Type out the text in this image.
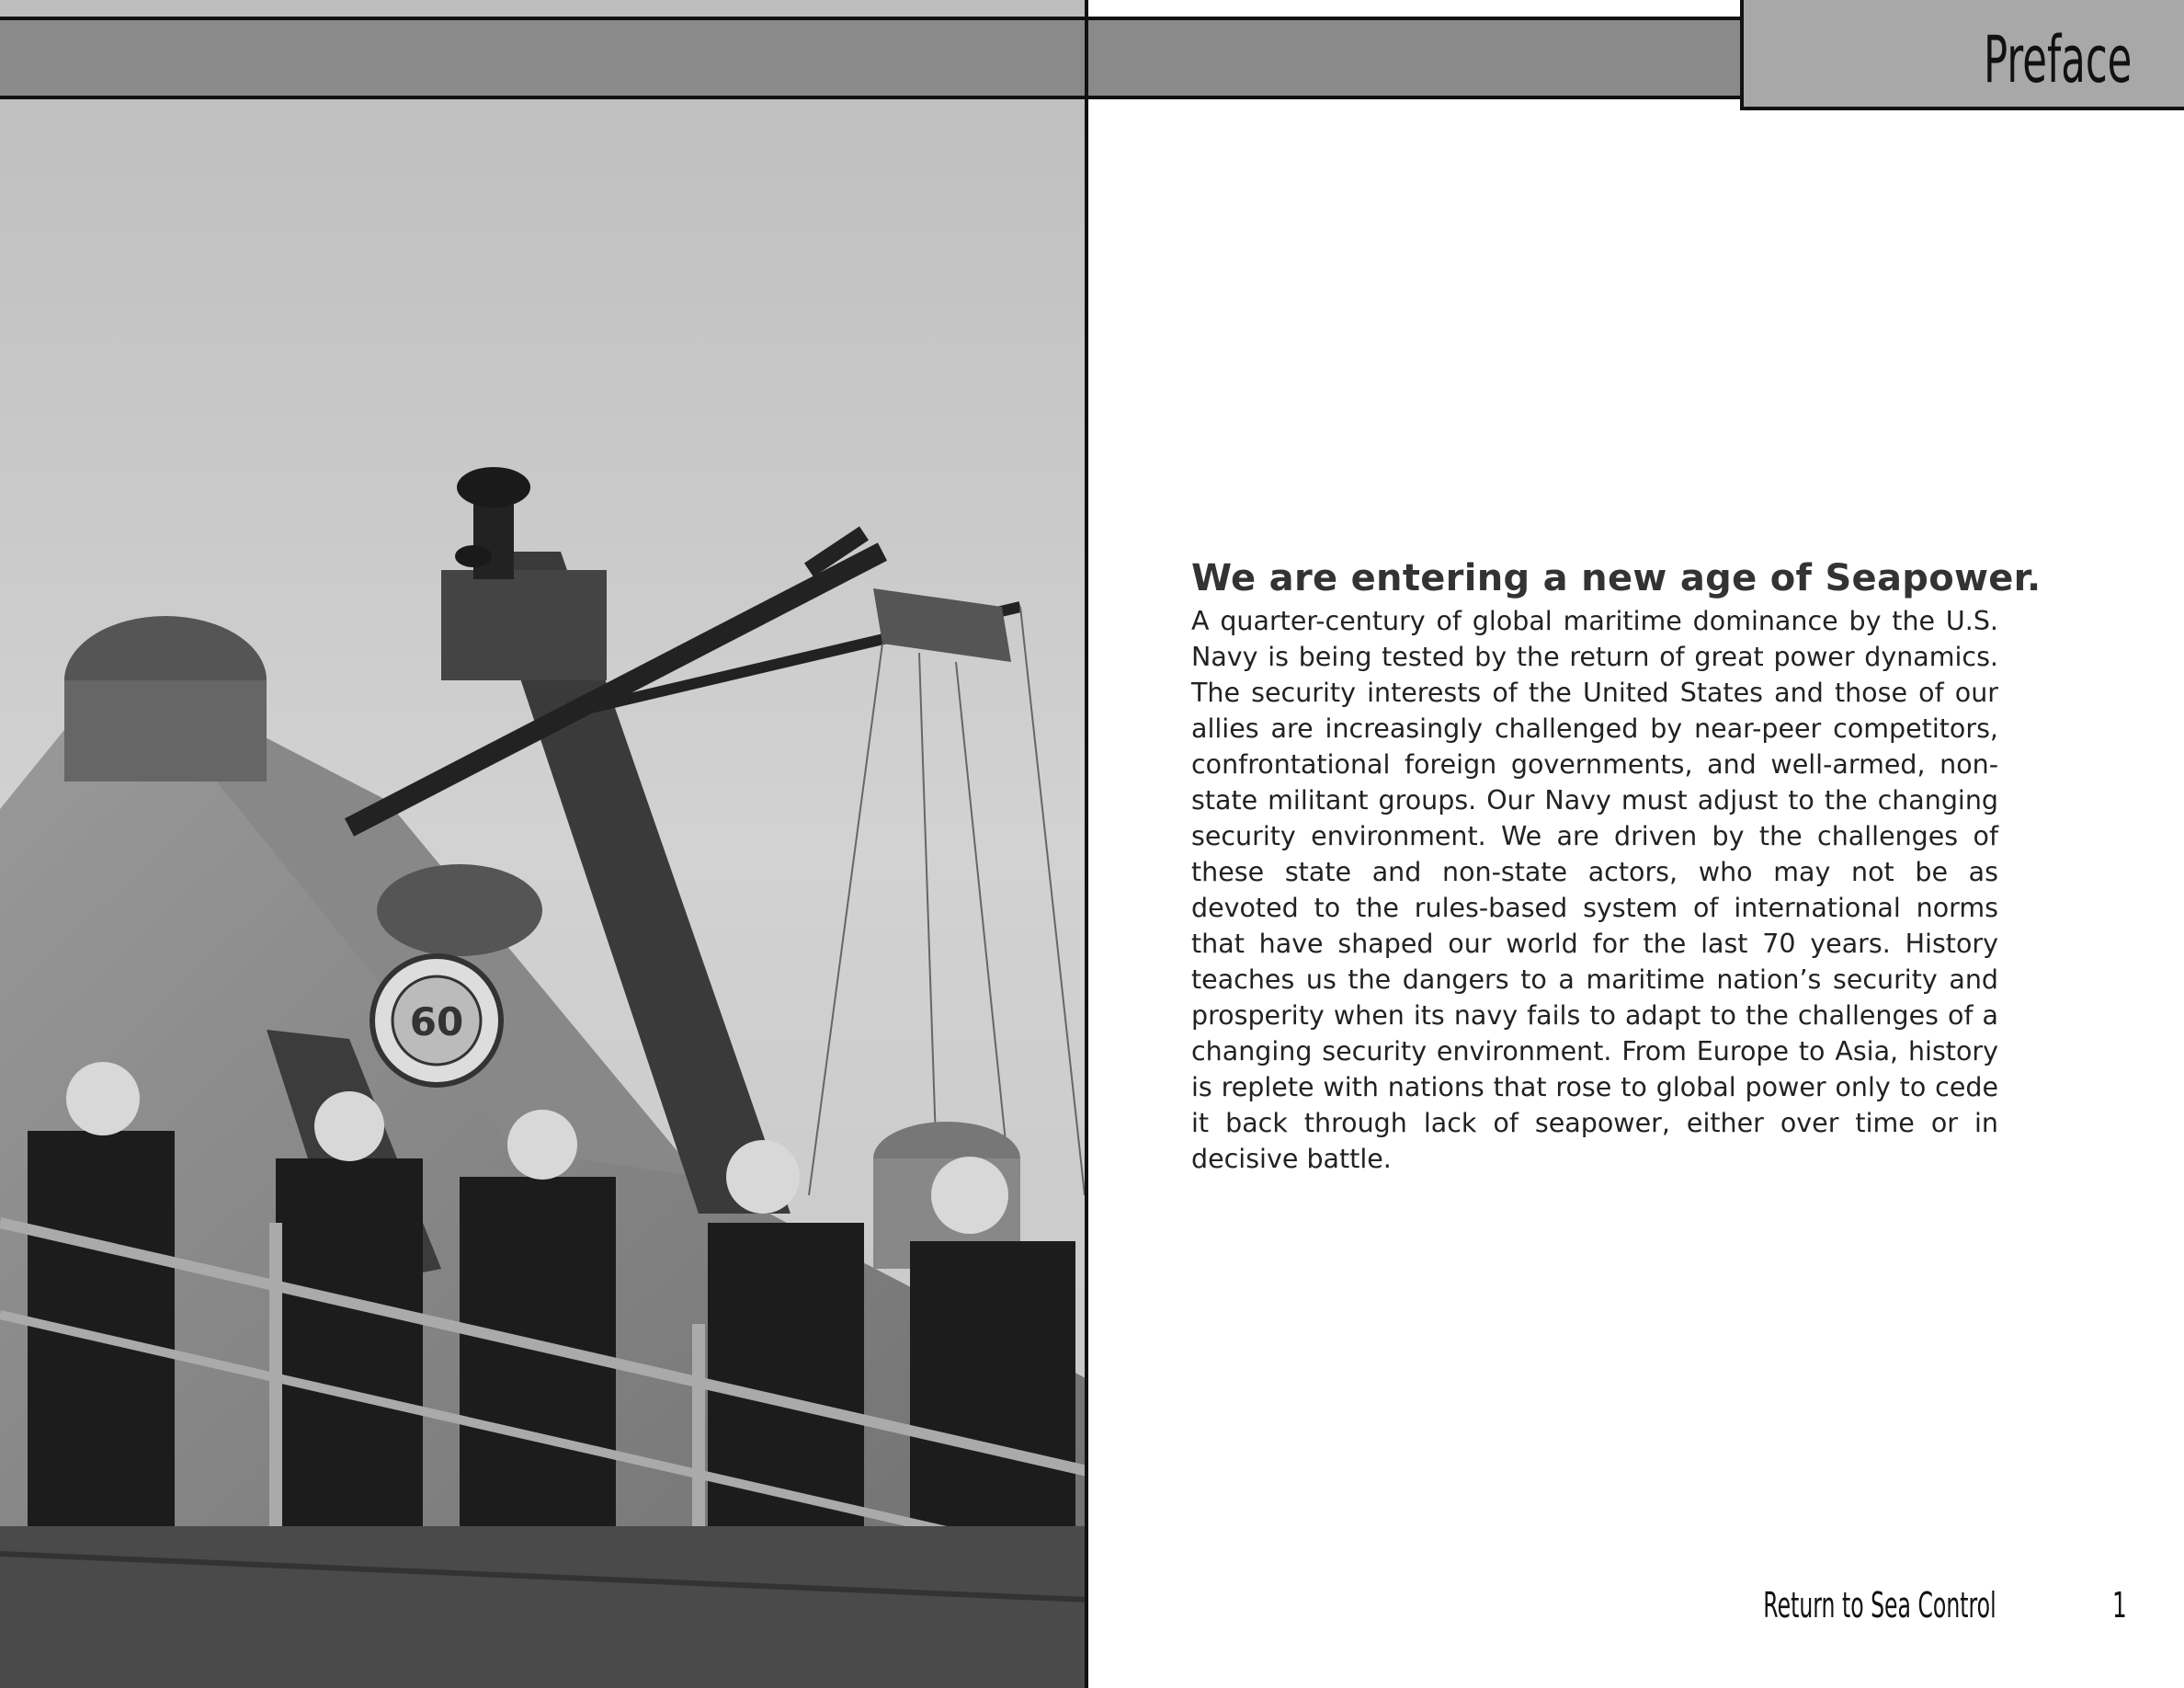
60
Preface
We are entering a new age of Seapower.

A quarter-century of global maritime dominance by the U.S. Navy is being tested by the return of great power dynamics. The security interests of the United States and those of our allies are increasingly challenged by near-peer competitors, confrontational foreign governments, and well-armed, non-state militant groups. Our Navy must adjust to the changing security environment. We are driven by the challenges of these state and non-state actors, who may not be as devoted to the rules-based system of international norms that have shaped our world for the last 70 years. History teaches us the dangers to a maritime nation’s security and prosperity when its navy fails to adapt to the challenges of a changing security environment. From Europe to Asia, history is replete with nations that rose to global power only to cede it back through lack of seapower, either over time or in decisive battle.

Return to Sea Control	1
